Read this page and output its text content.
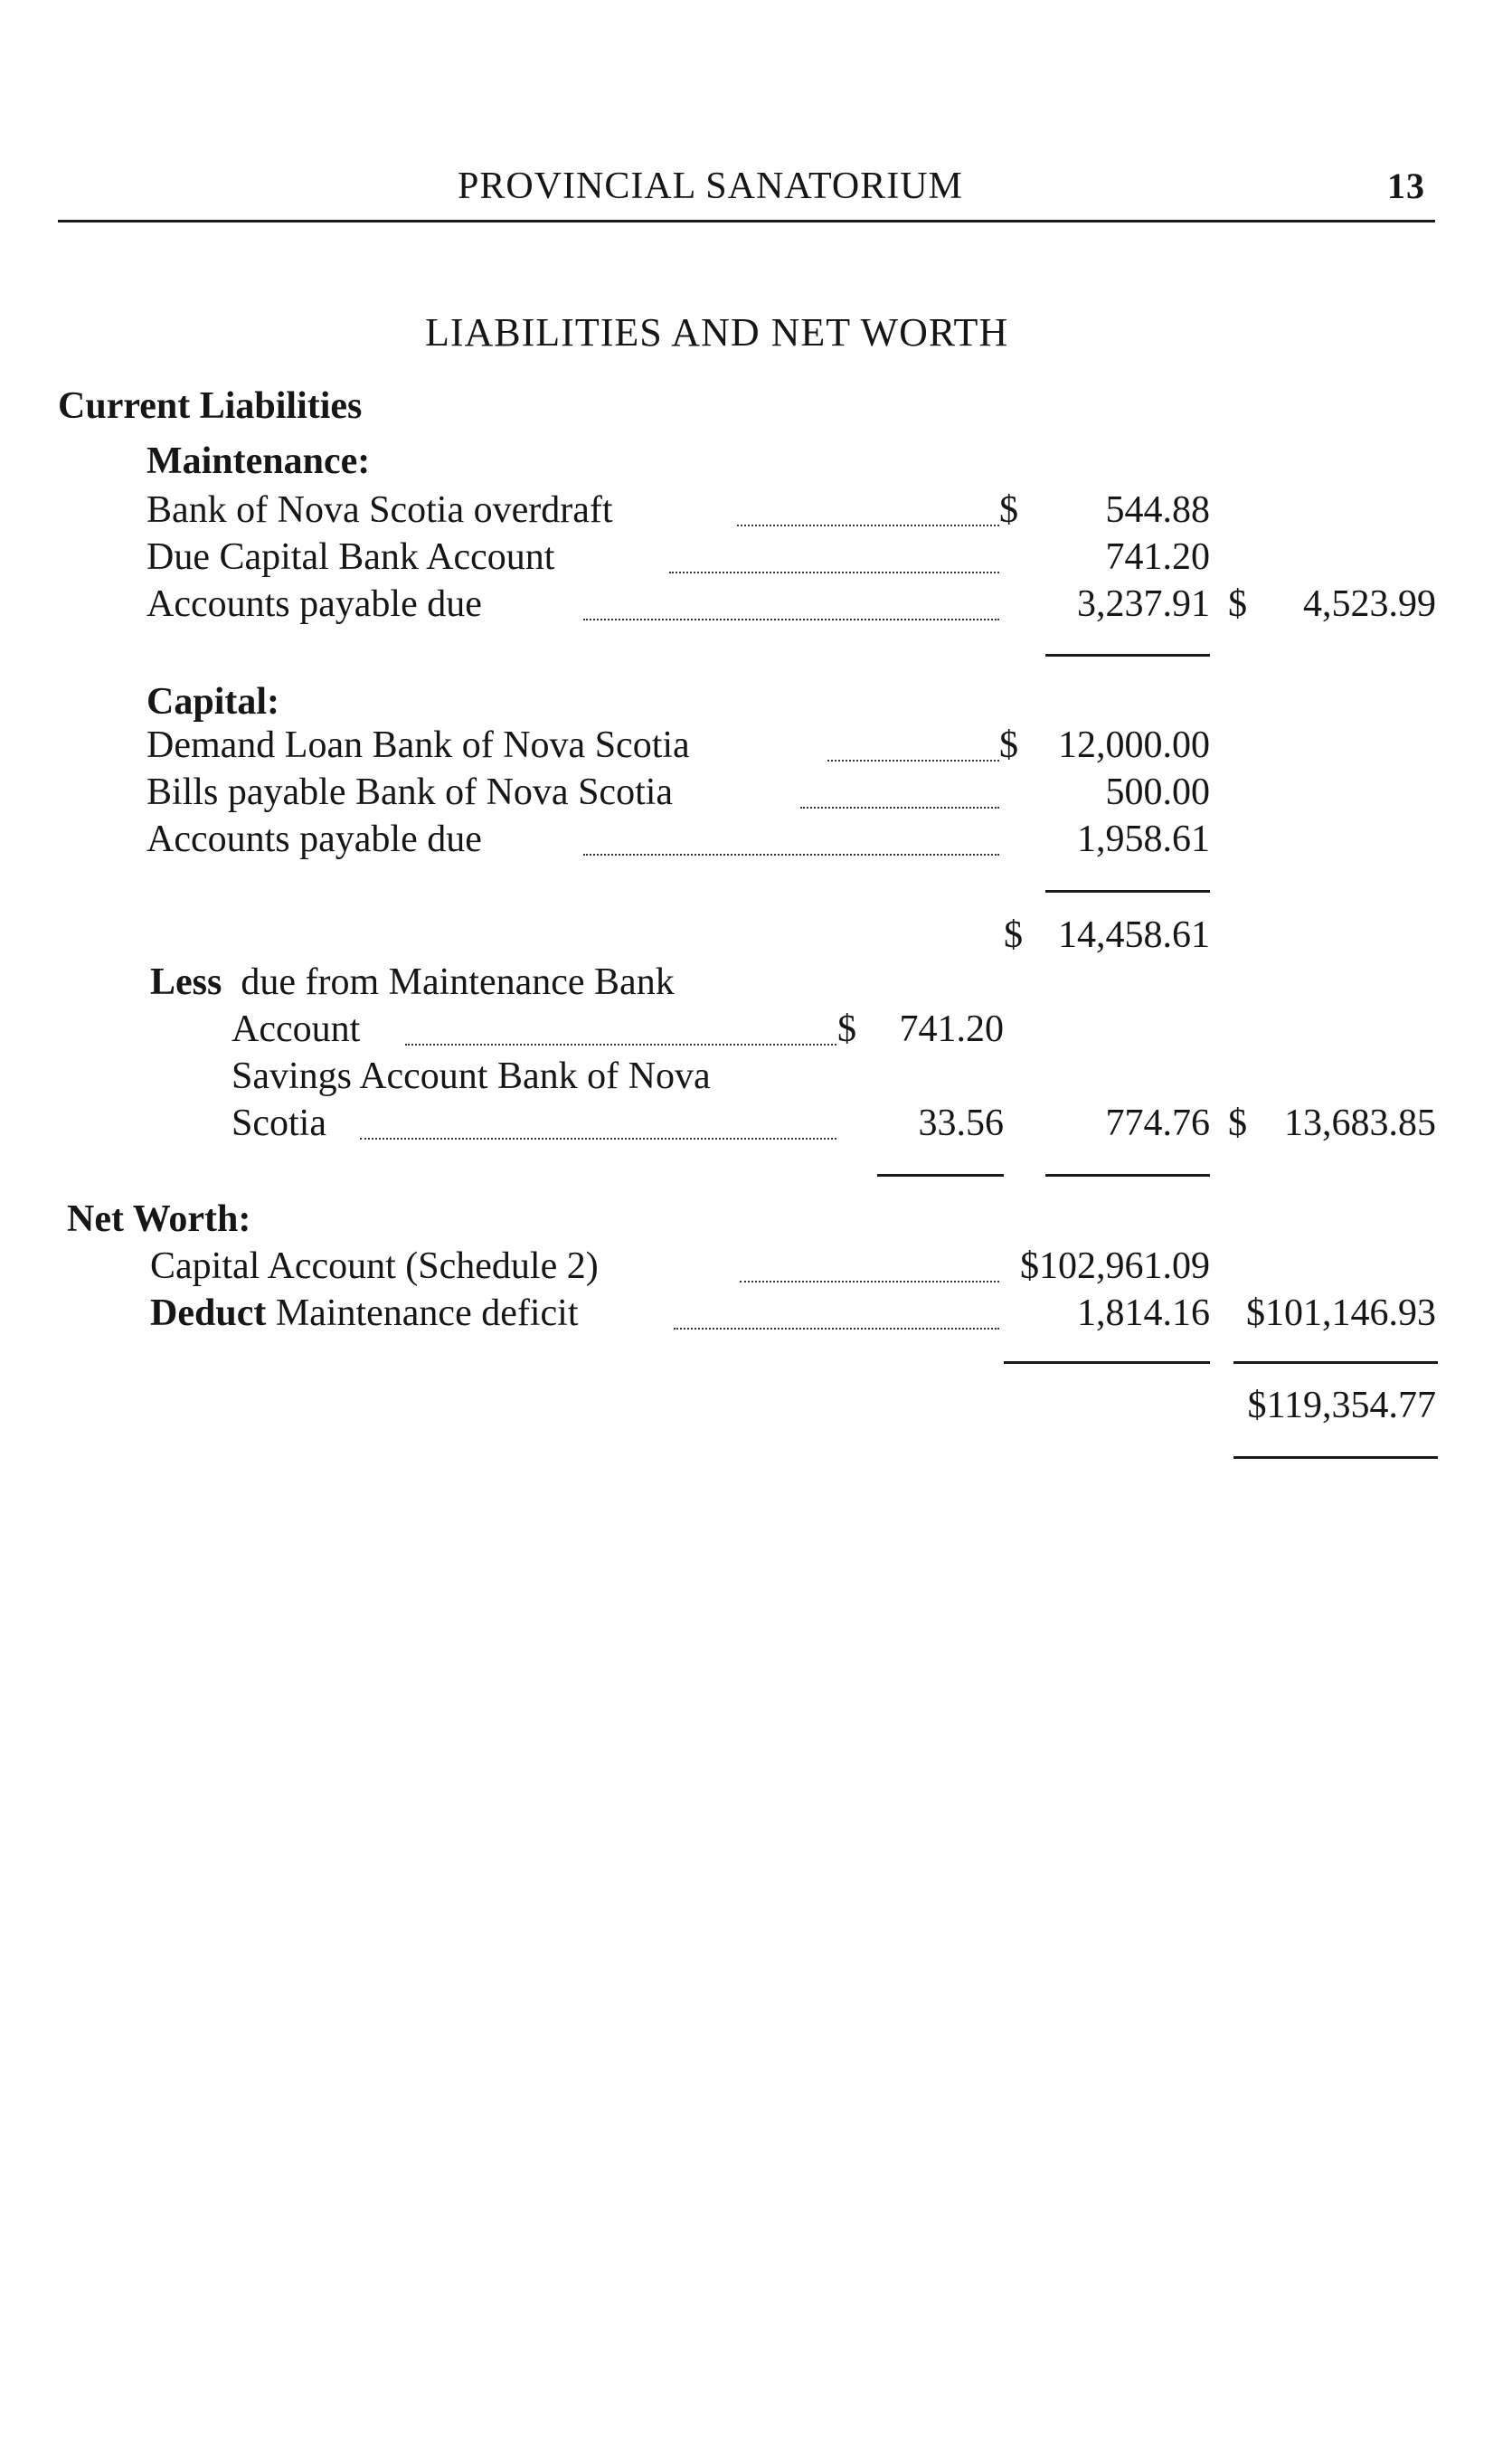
PROVINCIAL SANATORIUM	13
LIABILITIES AND NET WORTH
Current Liabilities
Maintenance:
Bank of Nova Scotia overdraft	$	544.88
Due Capital Bank Account	741.20
Accounts payable due	3,237.91 $	4,523.99
Capital:
Demand Loan Bank of Nova Scotia	$	12,000.00
Bills payable Bank of Nova Scotia	500.00
Accounts payable due	1,958.61
$ 14,458.61
Less due from Maintenance Bank
Account	$	741.20
Savings Account Bank of Nova
Scotia	33.56	774.76 $ 13,683.85
Net Worth:
Capital Account (Schedule 2)	$102,961.09
Deduct Maintenance deficit	1,814.16 $101,146.93
$119,354.77
